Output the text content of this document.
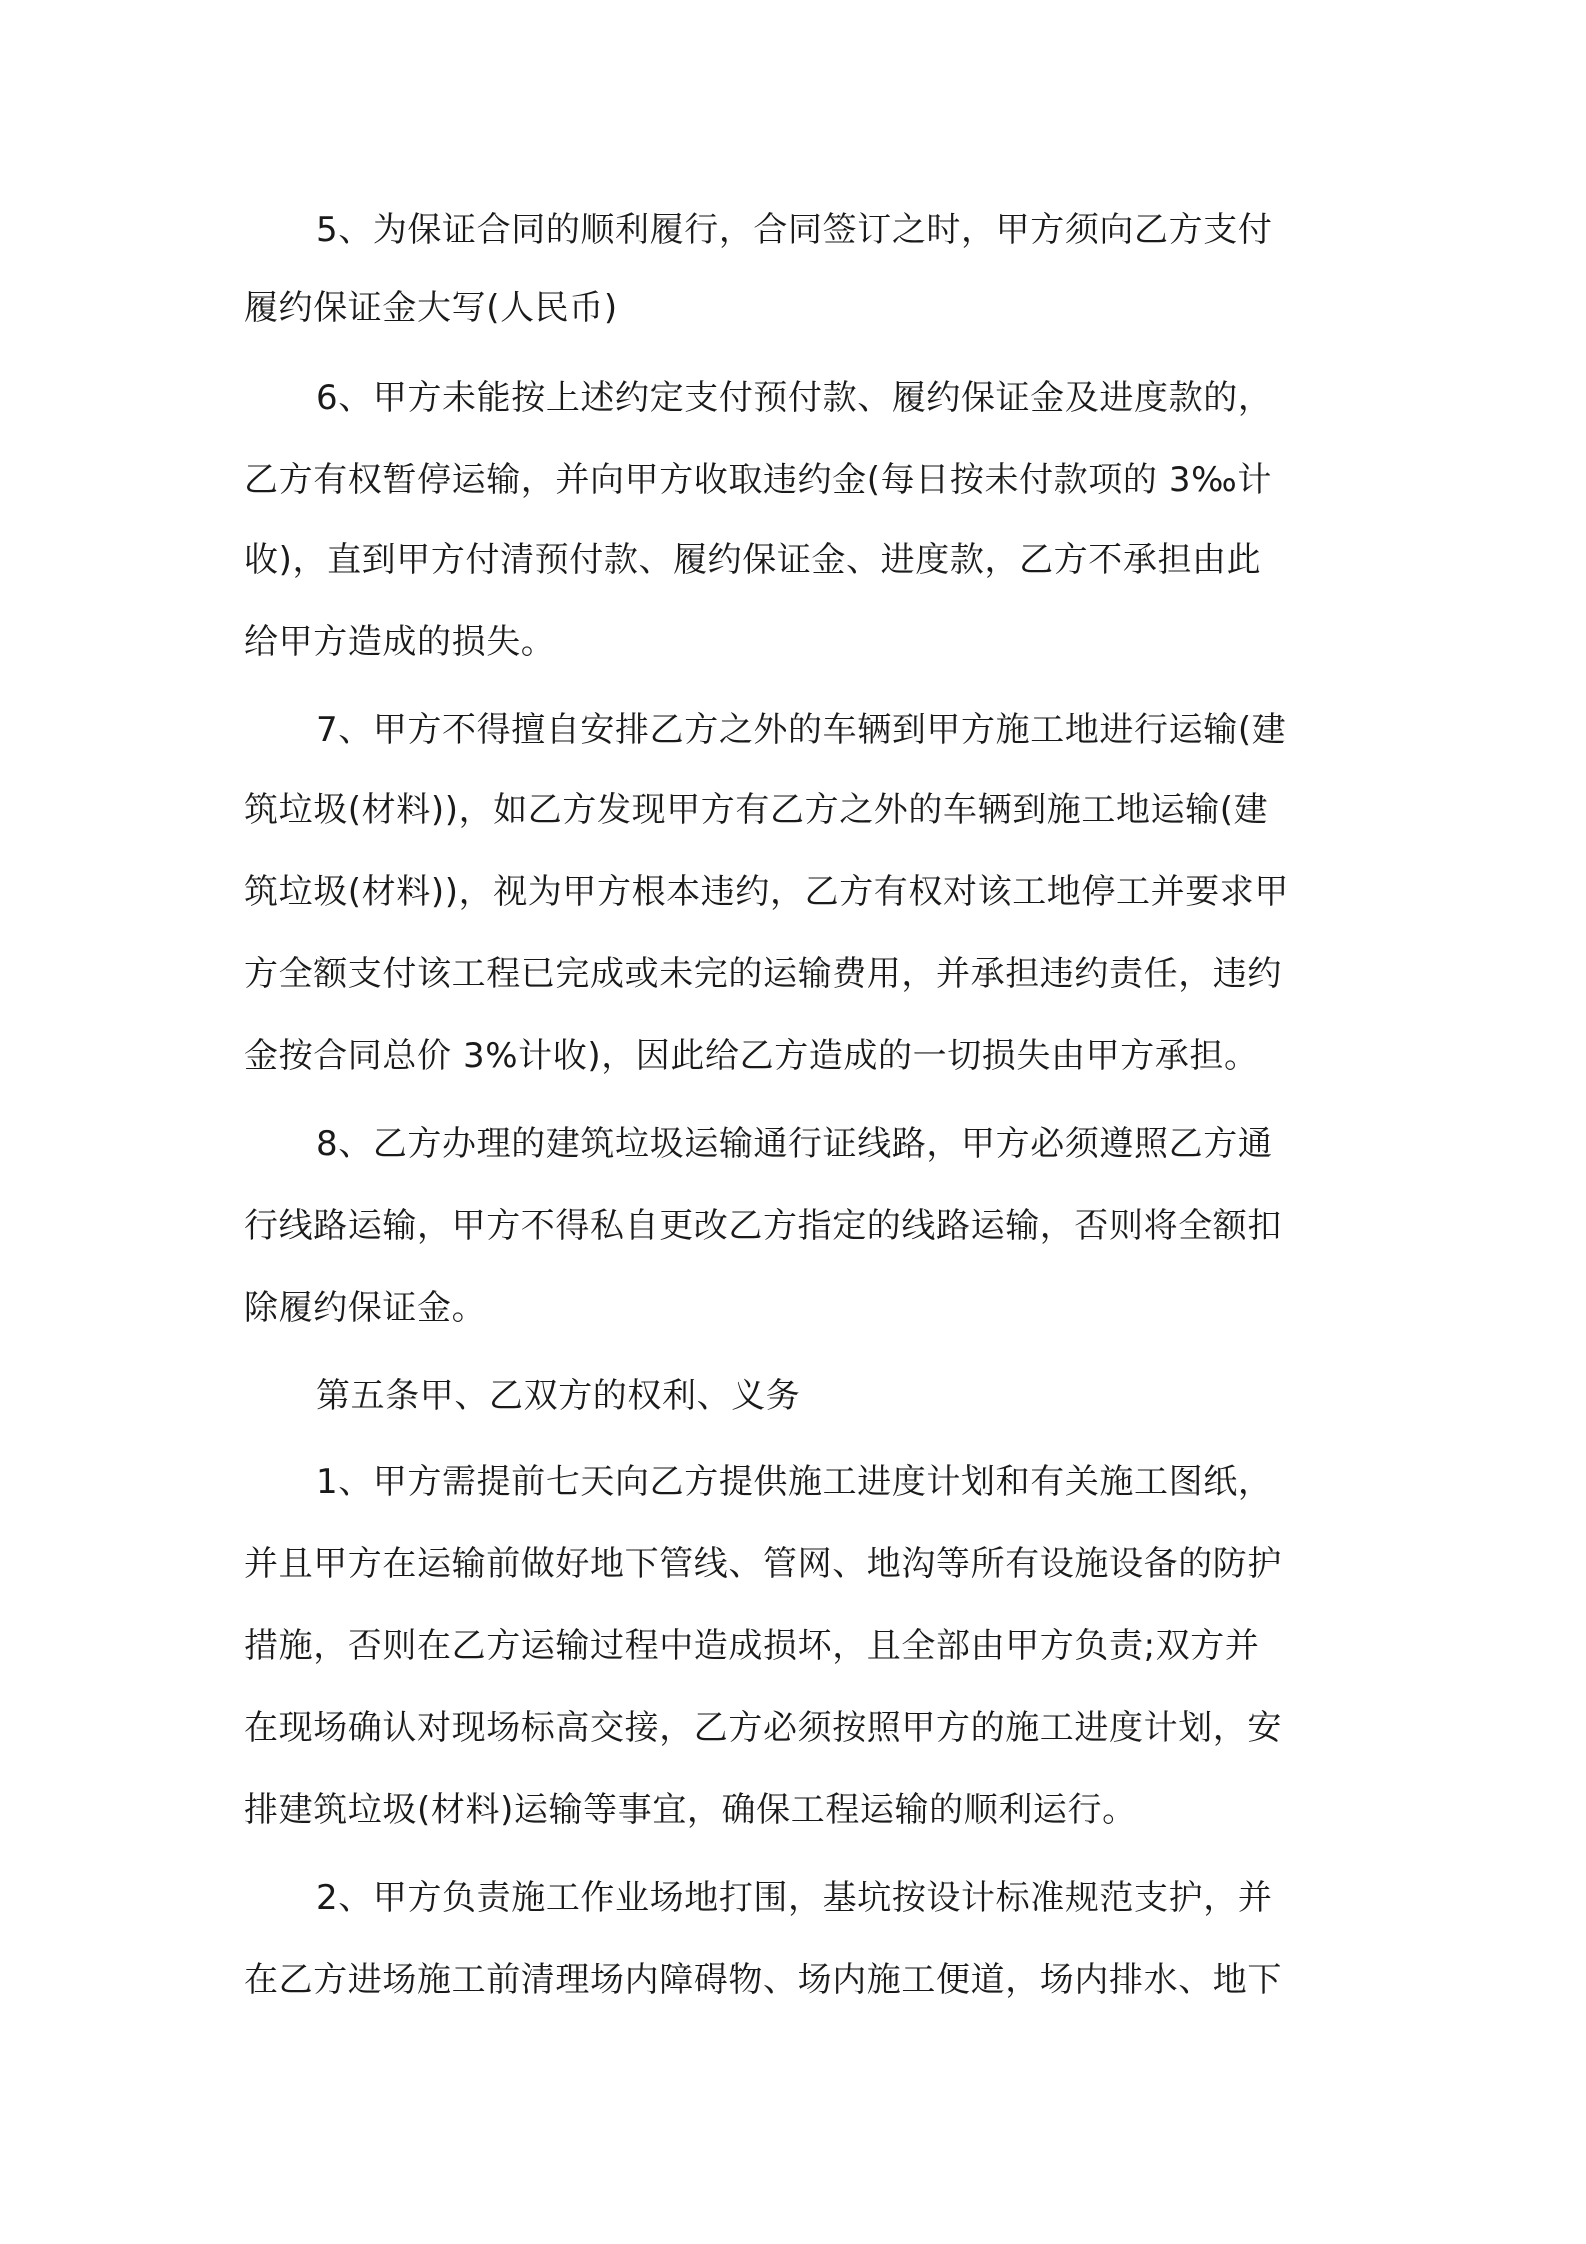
5、为保证合同的顺利履行，合同签订之时，甲方须向乙方支付
履约保证金大写(人民币)
6、甲方未能按上述约定支付预付款、履约保证金及进度款的，
乙方有权暂停运输，并向甲方收取违约金(每日按未付款项的 3‰计
收)，直到甲方付清预付款、履约保证金、进度款，乙方不承担由此
给甲方造成的损失。
7、甲方不得擅自安排乙方之外的车辆到甲方施工地进行运输(建
筑垃圾(材料))，如乙方发现甲方有乙方之外的车辆到施工地运输(建
筑垃圾(材料))，视为甲方根本违约，乙方有权对该工地停工并要求甲
方全额支付该工程已完成或未完的运输费用，并承担违约责任，违约
金按合同总价 3%计收)，因此给乙方造成的一切损失由甲方承担。
8、乙方办理的建筑垃圾运输通行证线路，甲方必须遵照乙方通
行线路运输，甲方不得私自更改乙方指定的线路运输，否则将全额扣
除履约保证金。
第五条甲、乙双方的权利、义务
1、甲方需提前七天向乙方提供施工进度计划和有关施工图纸，
并且甲方在运输前做好地下管线、管网、地沟等所有设施设备的防护
措施，否则在乙方运输过程中造成损坏，且全部由甲方负责;双方并
在现场确认对现场标高交接，乙方必须按照甲方的施工进度计划，安
排建筑垃圾(材料)运输等事宜，确保工程运输的顺利运行。
2、甲方负责施工作业场地打围，基坑按设计标准规范支护，并
在乙方进场施工前清理场内障碍物、场内施工便道，场内排水、地下
